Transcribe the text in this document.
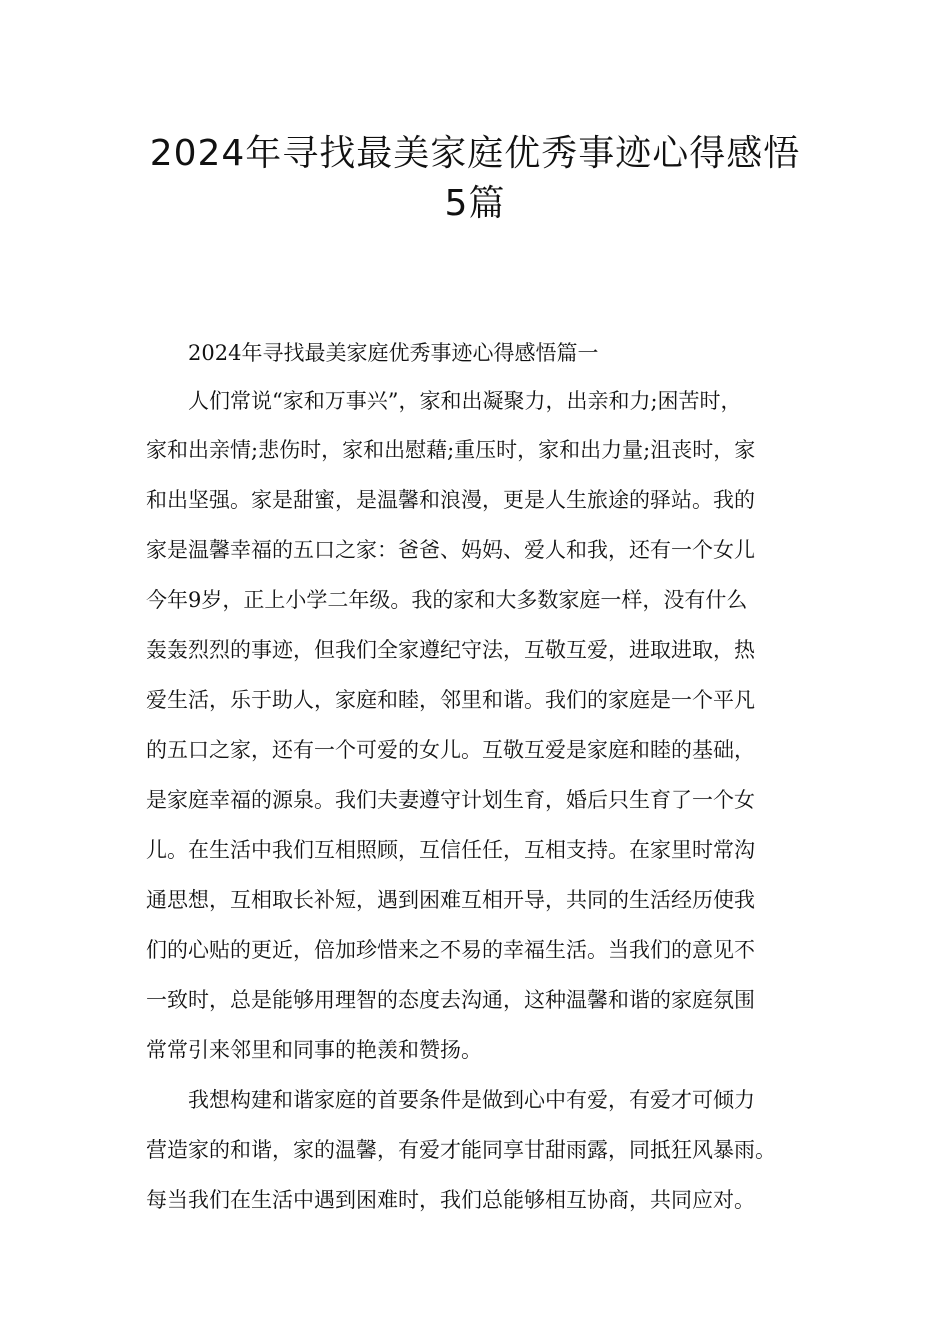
2024年寻找最美家庭优秀事迹心得感悟
5篇

2024年寻找最美家庭优秀事迹心得感悟篇一

人们常说“家和万事兴”，家和出凝聚力，出亲和力;困苦时，

家和出亲情;悲伤时，家和出慰藉;重压时，家和出力量;沮丧时，家

和出坚强。家是甜蜜，是温馨和浪漫，更是人生旅途的驿站。我的

家是温馨幸福的五口之家：爸爸、妈妈、爱人和我，还有一个女儿

今年9岁，正上小学二年级。我的家和大多数家庭一样，没有什么

轰轰烈烈的事迹，但我们全家遵纪守法，互敬互爱，进取进取，热

爱生活，乐于助人，家庭和睦，邻里和谐。我们的家庭是一个平凡

的五口之家，还有一个可爱的女儿。互敬互爱是家庭和睦的基础，

是家庭幸福的源泉。我们夫妻遵守计划生育，婚后只生育了一个女

儿。在生活中我们互相照顾，互信任任，互相支持。在家里时常沟

通思想，互相取长补短，遇到困难互相开导，共同的生活经历使我

们的心贴的更近，倍加珍惜来之不易的幸福生活。当我们的意见不

一致时，总是能够用理智的态度去沟通，这种温馨和谐的家庭氛围

常常引来邻里和同事的艳羡和赞扬。

我想构建和谐家庭的首要条件是做到心中有爱，有爱才可倾力

营造家的和谐，家的温馨，有爱才能同享甘甜雨露，同抵狂风暴雨。

每当我们在生活中遇到困难时，我们总能够相互协商，共同应对。
